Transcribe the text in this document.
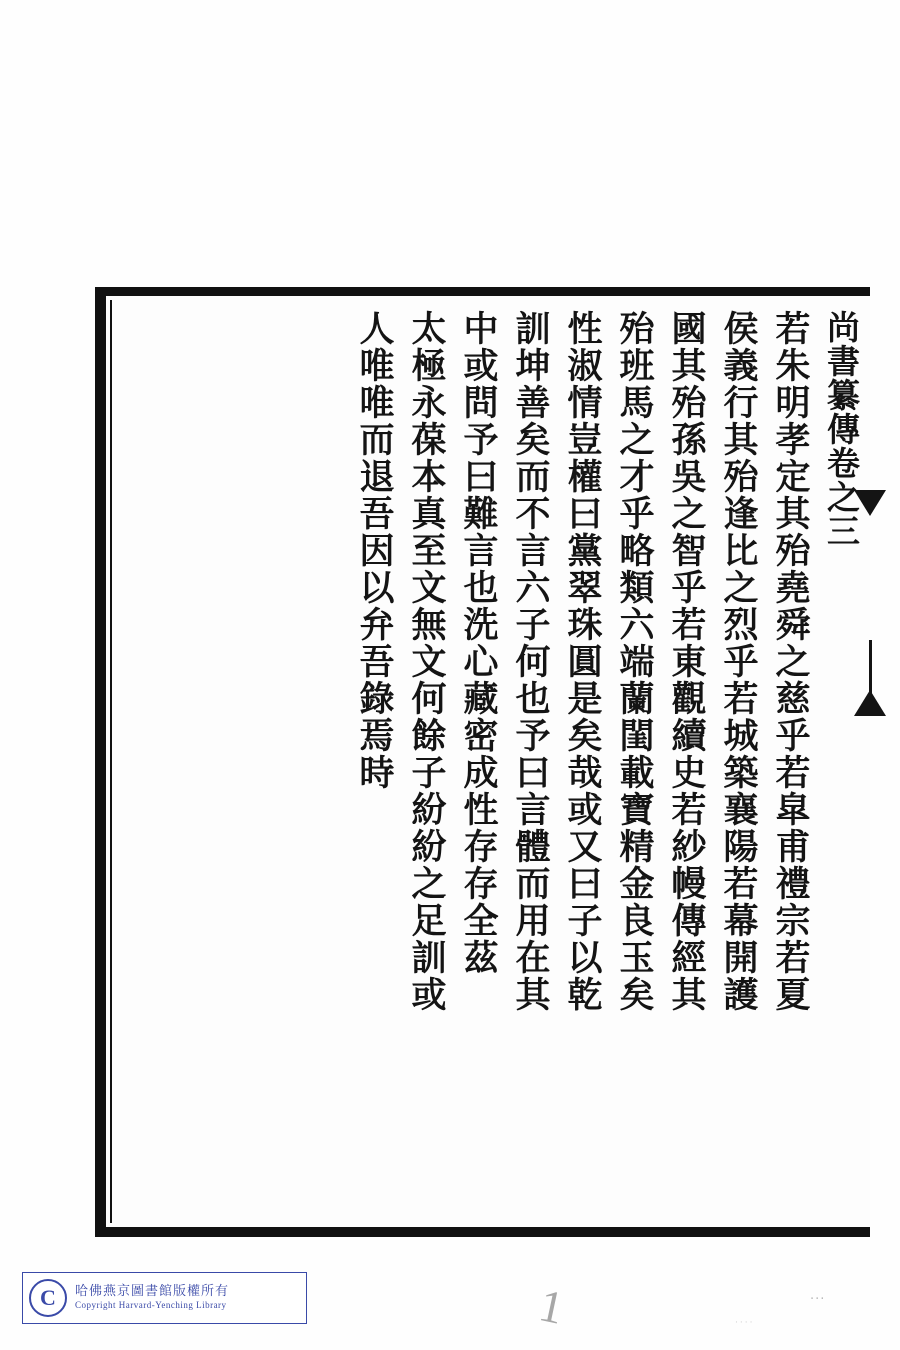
尚書纂傳卷之三
若朱明孝定其殆堯舜之慈乎若皐甫禮宗若夏
侯義行其殆逢比之烈乎若城築襄陽若幕開護
國其殆孫吳之智乎若東觀續史若紗幔傳經其
殆班馬之才乎略類六端蘭閨載寶精金良玉矣
性淑情豈權曰黨翠珠圓是矣哉或又曰子以乾
訓坤善矣而不言六子何也予曰言體而用在其
中或問予曰難言也洗心藏密成性存存全茲
太極永葆本真至文無文何餘子紛紛之足訓或
人唯唯而退吾因以弁吾錄焉時
C	哈佛燕京圖書館版權所有
Copyright Harvard-Yenching Library	1	···
····
